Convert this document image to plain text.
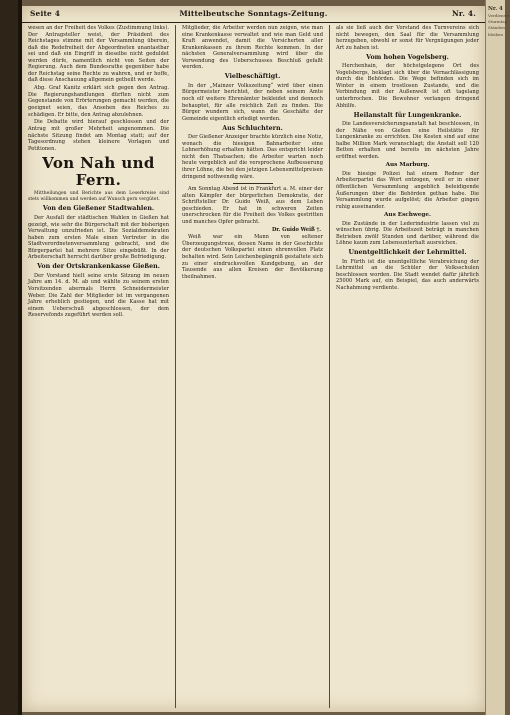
Seite 4	Mittelbeutsche Sonntags-Zeitung.	Nr. 4.

wesen an der Freiheit des Volkes (Zustimmung links). Der Antragsteller weist, der Präsident des Reichstages stimme mit der Versammlung überein, daß die Redefreiheit der Abgeordneten unantastbar sei und daß ein Eingriff in dieselbe nicht geduldet werden dürfe, namentlich nicht von Seiten der Regierung. Auch dem Bundesrathe gegenüber habe der Reichstag seine Rechte zu wahren, und er hoffe, daß diese Anschauung allgemein getheilt werde.

Abg. Graf Kanitz erklärt sich gegen den Antrag. Die Regierungshandlungen dürften nicht zum Gegenstande von Erörterungen gemacht werden, die geeignet seien, das Ansehen des Reiches zu schädigen. Er bitte, den Antrag abzulehnen.

Die Debatte wird hierauf geschlossen und der Antrag mit großer Mehrheit angenommen. Die nächste Sitzung findet am Montag statt; auf der Tagesordnung stehen kleinere Vorlagen und Petitionen.

Von Nah und Fern.

Mittheilungen und Berichte aus dem Leserkreise sind stets willkommen und werden auf Wunsch gern vergütet.

Von den Gießener Stadtwahlen.

Der Ausfall der städtischen Wahlen in Gießen hat gezeigt, wie sehr die Bürgerschaft mit der bisherigen Verwaltung unzufrieden ist. Die Sozialdemokraten haben zum ersten Male einen Vertreter in die Stadtverordnetenversammlung gebracht, und die Bürgerpartei hat mehrere Sitze eingebüßt. In der Arbeiterschaft herrscht darüber große Befriedigung.

Von der Ortskrankenkasse Gießen.

Der Vorstand hielt seine erste Sitzung im neuen Jahre am 14. d. M. ab und wählte zu seinem ersten Vorsitzenden abermals Herrn Schneidermeister Weber. Die Zahl der Mitglieder ist im vergangenen Jahre erheblich gestiegen, und die Kasse hat mit einem Ueberschuß abgeschlossen, der dem Reservefonds zugeführt werden soll.

Mitglieder, die Arbeiter werden nun zeigen, wie man eine Krankenkasse verwaltet und wie man Geld und Kraft anwendet, damit die Versicherten aller Krankenkassen zu ihrem Rechte kommen. In der nächsten Generalversammlung wird über die Verwendung des Ueberschusses Beschluß gefaßt werden.

Vielbeschäftigt.

In der „Mainzer Volkszeitung“ wird über einen Bürgermeister berichtet, der neben seinem Amte noch elf weitere Ehrenämter bekleidet und dennoch behauptet, für alle reichlich Zeit zu finden. Die Bürger wundern sich, wann die Geschäfte der Gemeinde eigentlich erledigt werden.

Aus Schluchtern.

Der Gießener Anzeiger brachte kürzlich eine Notiz, wonach die hiesigen Bahnarbeiter eine Lohnerhöhung erhalten hätten. Das entspricht leider nicht den Thatsachen; die Arbeiter warten noch heute vergeblich auf die versprochene Aufbesserung ihrer Löhne, die bei den jetzigen Lebensmittelpreisen dringend nothwendig wäre.

Am Sonntag Abend ist in Frankfurt a. M. einer der alten Kämpfer der bürgerlichen Demokratie, der Schriftsteller Dr. Guido Weiß, aus dem Leben geschieden. Er hat in schweren Zeiten unerschrocken für die Freiheit des Volkes gestritten und manches Opfer gebracht.

Dr. Guido Weiß †.

Weiß war ein Mann von seltener Überzeugungstreue, dessen Name in der Geschichte der deutschen Volkspartei einen ehrenvollen Platz behalten wird. Sein Leichenbegängniß gestaltete sich zu einer eindrucksvollen Kundgebung, an der Tausende aus allen Kreisen der Bevölkerung theilnahmen.

als sie ließ auch der Vorstand des Turnvereins sich nicht bewegen, den Saal für die Versammlung herzugeben, obwohl er sonst für Vergnügungen jeder Art zu haben ist.

Vom hohen Vogelsberg.

Herchenhain, der höchstgelegene Ort des Vogelsbergs, beklagt sich über die Vernachlässigung durch die Behörden. Die Wege befinden sich im Winter in einem trostlosen Zustande, und die Verbindung mit der Außenwelt ist oft tagelang unterbrochen. Die Bewohner verlangen dringend Abhilfe.

Heilanstalt für Lungenkranke.

Die Landesversicherungsanstalt hat beschlossen, in der Nähe von Gießen eine Heilstätte für Lungenkranke zu errichten. Die Kosten sind auf eine halbe Million Mark veranschlagt; die Anstalt soll 120 Betten erhalten und bereits im nächsten Jahre eröffnet werden.

Aus Marburg.

Die hiesige Polizei hat einem Redner der Arbeiterpartei das Wort entzogen, weil er in einer öffentlichen Versammlung angeblich beleidigende Äußerungen über die Behörden gethan habe. Die Versammlung wurde aufgelöst; die Arbeiter gingen ruhig auseinander.

Aus Eschwege.

Die Zustände in der Lederindustrie lassen viel zu wünschen übrig. Die Arbeitszeit beträgt in manchen Betrieben zwölf Stunden und darüber, während die Löhne kaum zum Lebensunterhalt ausreichen.

Unentgeltlichkeit der Lehrmittel.

In Fürth ist die unentgeltliche Verabreichung der Lehrmittel an die Schüler der Volksschulen beschlossen worden. Die Stadt wendet dafür jährlich 25000 Mark auf, ein Beispiel, das auch anderwärts Nachahmung verdiente.

Nr. 4
Verdienste
Sturmtag
Ständen
bleiben
